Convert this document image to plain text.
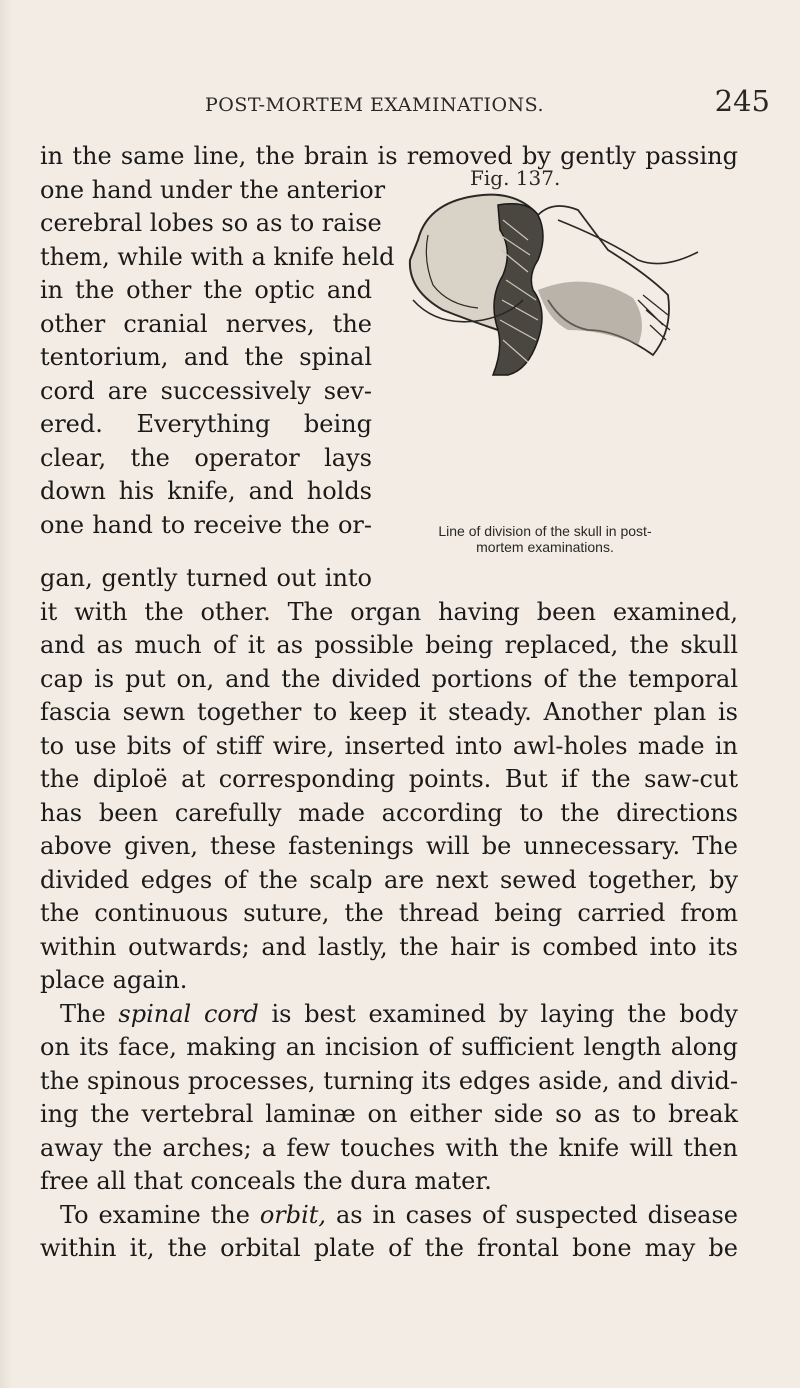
POST-MORTEM EXAMINATIONS.	245
Fig. 137.
Line of division of the skull in post-
mortem examinations.
in the same line, the brain is removed by gently passing
one hand under the anterior
cerebral lobes so as to raise
them, while with a knife held
in the other the optic and
other cranial nerves, the
tentorium, and the spinal
cord are successively sev-
ered. Everything being
clear, the operator lays
down his knife, and holds
one hand to receive the or-
gan, gently turned out into
it with the other. The organ having been examined,
and as much of it as possible being replaced, the skull
cap is put on, and the divided portions of the temporal
fascia sewn together to keep it steady. Another plan is
to use bits of stiff wire, inserted into awl-holes made in
the diploë at corresponding points. But if the saw-cut
has been carefully made according to the directions
above given, these fastenings will be unnecessary. The
divided edges of the scalp are next sewed together, by
the continuous suture, the thread being carried from
within outwards; and lastly, the hair is combed into its
place again.
The spinal cord is best examined by laying the body
on its face, making an incision of sufficient length along
the spinous processes, turning its edges aside, and divid-
ing the vertebral laminæ on either side so as to break
away the arches; a few touches with the knife will then
free all that conceals the dura mater.
To examine the orbit, as in cases of suspected disease
within it, the orbital plate of the frontal bone may be
